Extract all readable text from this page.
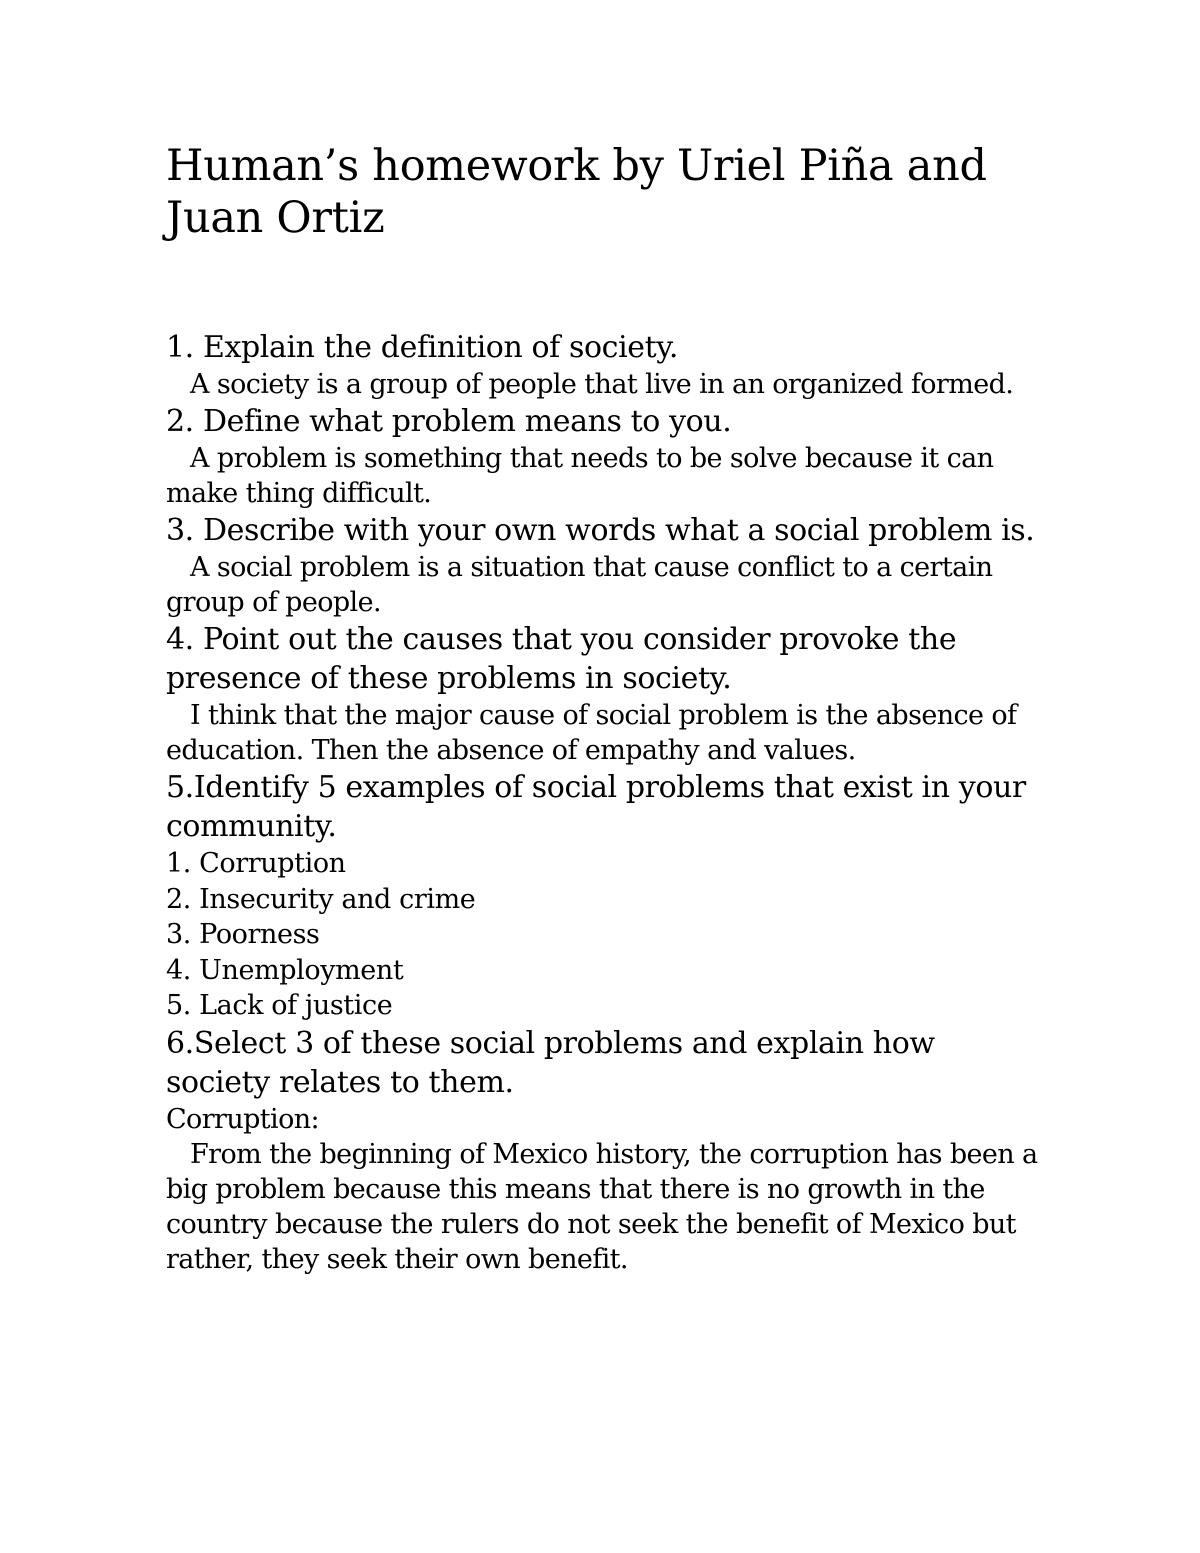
Human’s homework by Uriel Piña and Juan Ortiz

1. Explain the definition of society.

A society is a group of people that live in an organized formed.

2. Define what problem means to you.

A problem is something that needs to be solve because it can make thing difficult.

3. Describe with your own words what a social problem is.

A social problem is a situation that cause conflict to a certain group of people.

4. Point out the causes that you consider provoke the presence of these problems in society.

I think that the major cause of social problem is the absence of education. Then the absence of empathy and values.

5.Identify 5 examples of social problems that exist in your community.

1. Corruption

2. Insecurity and crime

3. Poorness

4. Unemployment

5. Lack of justice

6.Select 3 of these social problems and explain how society relates to them.

Corruption:

From the beginning of Mexico history, the corruption has been a big problem because this means that there is no growth in the country because the rulers do not seek the benefit of Mexico but rather, they seek their own benefit.
